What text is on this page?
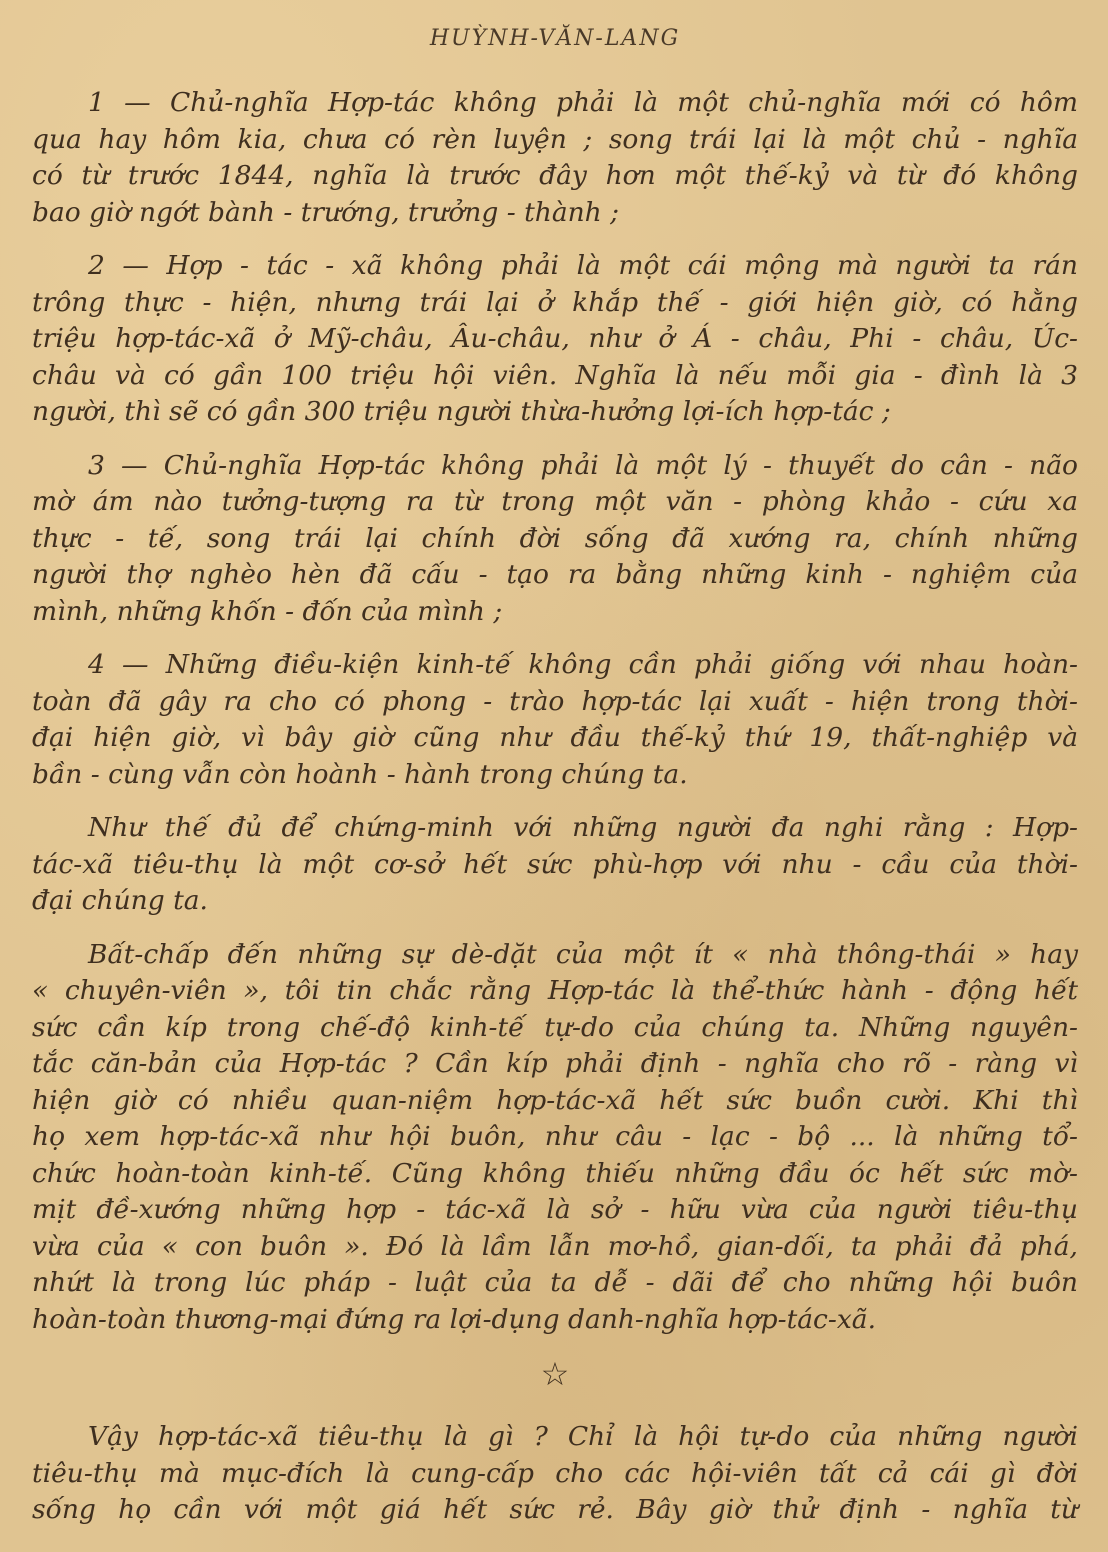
HUỲNH-VĂN-LANG
1 — Chủ-nghĩa Hợp-tác không phải là một chủ-nghĩa mới có hôm
qua hay hôm kia, chưa có rèn luyện ; song trái lại là một chủ - nghĩa
có từ trước 1844, nghĩa là trước đây hơn một thế-kỷ và từ đó không
bao giờ ngớt bành - trướng, trưởng - thành ;
2 — Hợp - tác - xã không phải là một cái mộng mà người ta rán
trông thực - hiện, nhưng trái lại ở khắp thế - giới hiện giờ, có hằng
triệu hợp-tác-xã ở Mỹ-châu, Âu-châu, như ở Á - châu, Phi - châu, Úc-
châu và có gần 100 triệu hội viên. Nghĩa là nếu mỗi gia - đình là 3
người, thì sẽ có gần 300 triệu người thừa-hưởng lợi-ích hợp-tác ;
3 — Chủ-nghĩa Hợp-tác không phải là một lý - thuyết do cân - não
mờ ám nào tưởng-tượng ra từ trong một văn - phòng khảo - cứu xa
thực - tế, song trái lại chính đời sống đã xướng ra, chính những
người thợ nghèo hèn đã cấu - tạo ra bằng những kinh - nghiệm của
mình, những khốn - đốn của mình ;
4 — Những điều-kiện kinh-tế không cần phải giống với nhau hoàn-
toàn đã gây ra cho có phong - trào hợp-tác lại xuất - hiện trong thời-
đại hiện giờ, vì bây giờ cũng như đầu thế-kỷ thứ 19, thất-nghiệp và
bần - cùng vẫn còn hoành - hành trong chúng ta.
Như thế đủ để chứng-minh với những người đa nghi rằng : Hợp-
tác-xã tiêu-thụ là một cơ-sở hết sức phù-hợp với nhu - cầu của thời-
đại chúng ta.
Bất-chấp đến những sự dè-dặt của một ít « nhà thông-thái » hay
« chuyên-viên », tôi tin chắc rằng Hợp-tác là thể-thức hành - động hết
sức cần kíp trong chế-độ kinh-tế tự-do của chúng ta. Những nguyên-
tắc căn-bản của Hợp-tác ? Cần kíp phải định - nghĩa cho rõ - ràng vì
hiện giờ có nhiều quan-niệm hợp-tác-xã hết sức buồn cười. Khi thì
họ xem hợp-tác-xã như hội buôn, như câu - lạc - bộ ... là những tổ-
chức hoàn-toàn kinh-tế. Cũng không thiếu những đầu óc hết sức mờ-
mịt đề-xướng những hợp - tác-xã là sở - hữu vừa của người tiêu-thụ
vừa của « con buôn ». Đó là lầm lẫn mơ-hồ, gian-dối, ta phải đả phá,
nhứt là trong lúc pháp - luật của ta dễ - dãi để cho những hội buôn
hoàn-toàn thương-mại đứng ra lợi-dụng danh-nghĩa hợp-tác-xã.
☆
Vậy hợp-tác-xã tiêu-thụ là gì ? Chỉ là hội tự-do của những người
tiêu-thụ mà mục-đích là cung-cấp cho các hội-viên tất cả cái gì đời
sống họ cần với một giá hết sức rẻ. Bây giờ thử định - nghĩa từ
